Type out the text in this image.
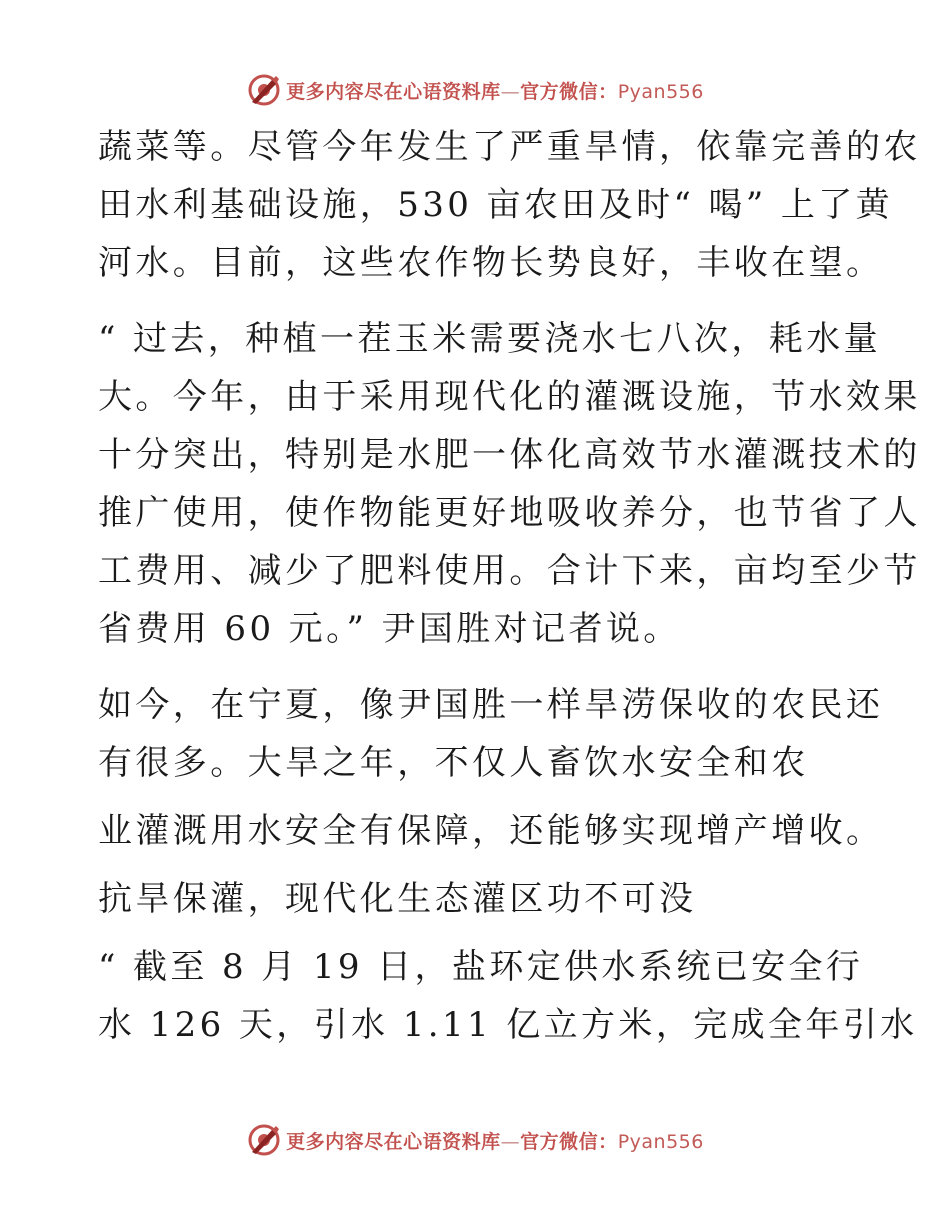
更多内容尽在心语资料库—官方微信：Pyan556
蔬菜等。尽管今年发生了严重旱情，依靠完善的农
田水利基础设施，530 亩农田及时“ 喝” 上了黄
河水。目前，这些农作物长势良好，丰收在望。
“ 过去，种植一茬玉米需要浇水七八次，耗水量
大。今年，由于采用现代化的灌溉设施，节水效果
十分突出，特别是水肥一体化高效节水灌溉技术的
推广使用，使作物能更好地吸收养分，也节省了人
工费用、减少了肥料使用。合计下来，亩均至少节
省费用 60 元。” 尹国胜对记者说。
如今，在宁夏，像尹国胜一样旱涝保收的农民还
有很多。大旱之年，不仅人畜饮水安全和农
业灌溉用水安全有保障，还能够实现增产增收。
抗旱保灌，现代化生态灌区功不可没
“ 截至 8 月 19 日，盐环定供水系统已安全行
水 126 天，引水 1.11 亿立方米，完成全年引水
更多内容尽在心语资料库—官方微信：Pyan556
